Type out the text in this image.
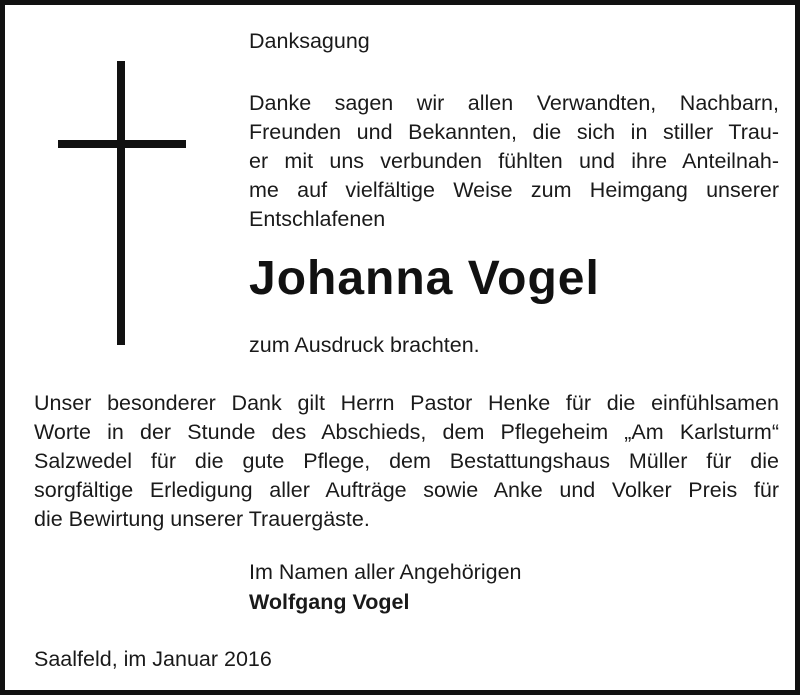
Danksagung
Danke sagen wir allen Verwandten, Nachbarn,
Freunden und Bekannten, die sich in stiller Trau-
er mit uns verbunden fühlten und ihre Anteilnah-
me auf vielfältige Weise zum Heimgang unserer
Entschlafenen
Johanna Vogel
zum Ausdruck brachten.
Unser besonderer Dank gilt Herrn Pastor Henke für die einfühlsamen
Worte in der Stunde des Abschieds, dem Pflegeheim „Am Karlsturm“
Salzwedel für die gute Pflege, dem Bestattungshaus Müller für die
sorgfältige Erledigung aller Aufträge sowie Anke und Volker Preis für
die Bewirtung unserer Trauergäste.
Im Namen aller Angehörigen
Wolfgang Vogel
Saalfeld, im Januar 2016
